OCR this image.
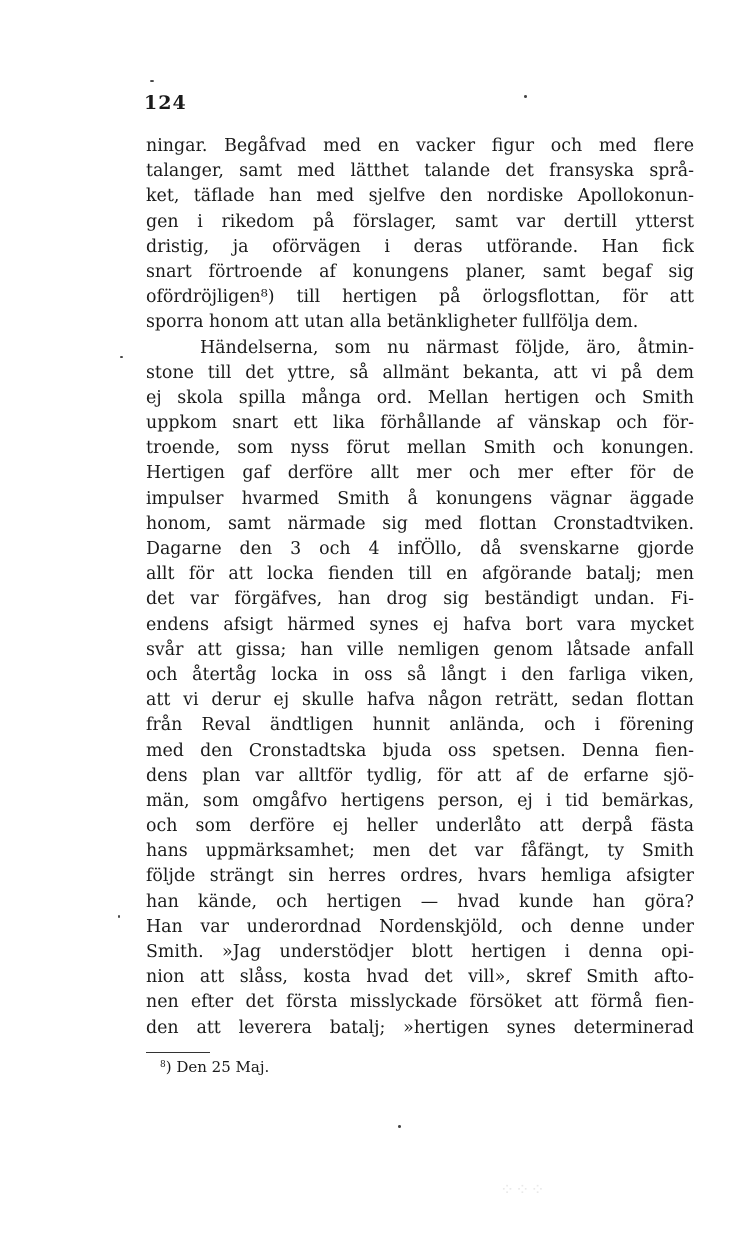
124
ningar. Begåfvad med en vacker figur och med flere
talanger, samt med lätthet talande det fransyska språ-
ket, täflade han med sjelfve den nordiske Apollokonun-
gen i rikedom på förslager, samt var dertill ytterst
dristig, ja oförvägen i deras utförande. Han fick
snart förtroende af konungens planer, samt begaf sig
ofördröjligen⁸) till hertigen på örlogsflottan, för att
sporra honom att utan alla betänkligheter fullfölja dem.
Händelserna, som nu närmast följde, äro, åtmin-
stone till det yttre, så allmänt bekanta, att vi på dem
ej skola spilla många ord. Mellan hertigen och Smith
uppkom snart ett lika förhållande af vänskap och för-
troende, som nyss förut mellan Smith och konungen.
Hertigen gaf derföre allt mer och mer efter för de
impulser hvarmed Smith å konungens vägnar äggade
honom, samt närmade sig med flottan Cronstadtviken.
Dagarne den 3 och 4 infÖllo, då svenskarne gjorde
allt för att locka fienden till en afgörande batalj; men
det var förgäfves, han drog sig beständigt undan. Fi-
endens afsigt härmed synes ej hafva bort vara mycket
svår att gissa; han ville nemligen genom låtsade anfall
och återtåg locka in oss så långt i den farliga viken,
att vi derur ej skulle hafva någon reträtt, sedan flottan
från Reval ändtligen hunnit anlända, och i förening
med den Cronstadtska bjuda oss spetsen. Denna fien-
dens plan var alltför tydlig, för att af de erfarne sjö-
män, som omgåfvo hertigens person, ej i tid bemärkas,
och som derföre ej heller underlåto att derpå fästa
hans uppmärksamhet; men det var fåfängt, ty Smith
följde strängt sin herres ordres, hvars hemliga afsigter
han kände, och hertigen — hvad kunde han göra?
Han var underordnad Nordenskjöld, och denne under
Smith. »Jag understödjer blott hertigen i denna opi-
nion att slåss, kosta hvad det vill», skref Smith afto-
nen efter det första misslyckade försöket att förmå fien-
den att leverera batalj; »hertigen synes determinerad
$^8$) Den 25 Maj.
⁘⁘⁘
